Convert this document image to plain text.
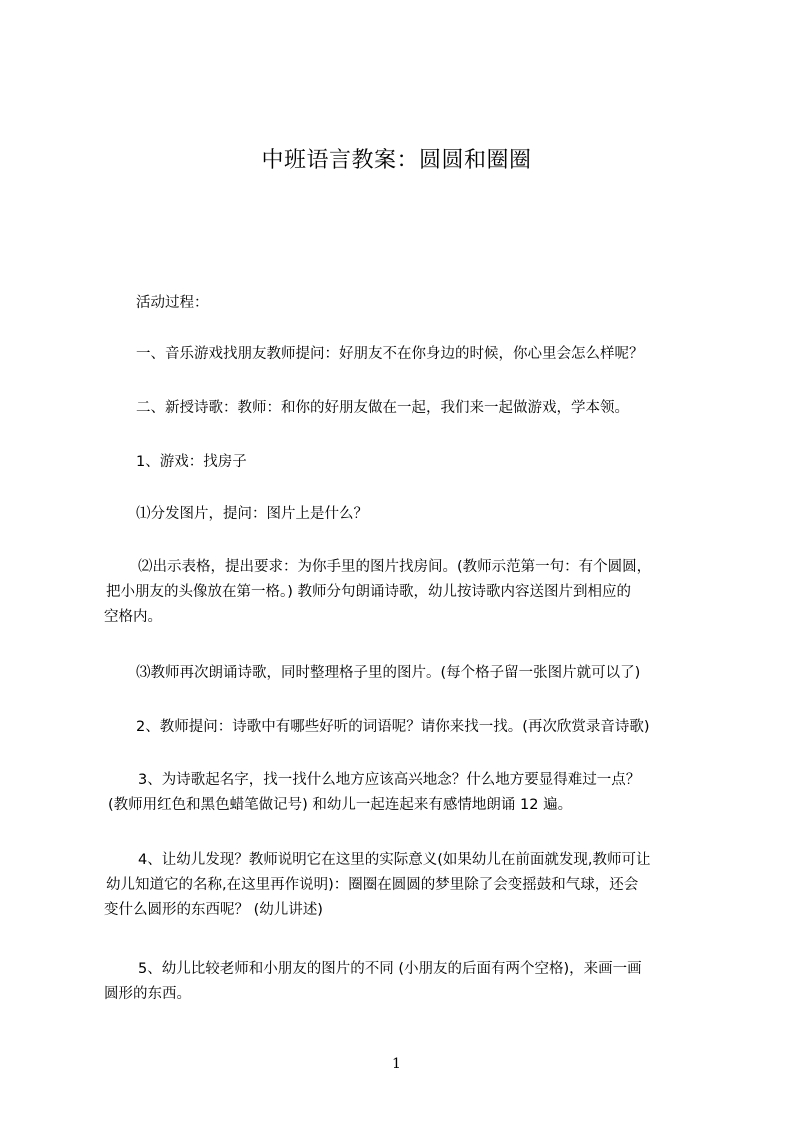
中班语言教案：圆圆和圈圈
活动过程：
一、音乐游戏找朋友教师提问：好朋友不在你身边的时候，你心里会怎么样呢？
二、新授诗歌：教师：和你的好朋友做在一起，我们来一起做游戏，学本领。
1、游戏：找房子
⑴分发图片，提问：图片上是什么？
⑵出示表格，提出要求：为你手里的图片找房间。(教师示范第一句：有个圆圆，
把小朋友的头像放在第一格。) 教师分句朗诵诗歌，幼儿按诗歌内容送图片到相应的
空格内。
⑶教师再次朗诵诗歌，同时整理格子里的图片。(每个格子留一张图片就可以了)
2、教师提问：诗歌中有哪些好听的词语呢？请你来找一找。(再次欣赏录音诗歌)
3、为诗歌起名字，找一找什么地方应该高兴地念？什么地方要显得难过一点？
(教师用红色和黑色蜡笔做记号) 和幼儿一起连起来有感情地朗诵 12 遍。
4、让幼儿发现？教师说明它在这里的实际意义(如果幼儿在前面就发现,教师可让
幼儿知道它的名称,在这里再作说明)：圈圈在圆圆的梦里除了会变摇鼓和气球，还会
变什么圆形的东西呢？ (幼儿讲述)
5、幼儿比较老师和小朋友的图片的不同 (小朋友的后面有两个空格)，来画一画
圆形的东西。
1
